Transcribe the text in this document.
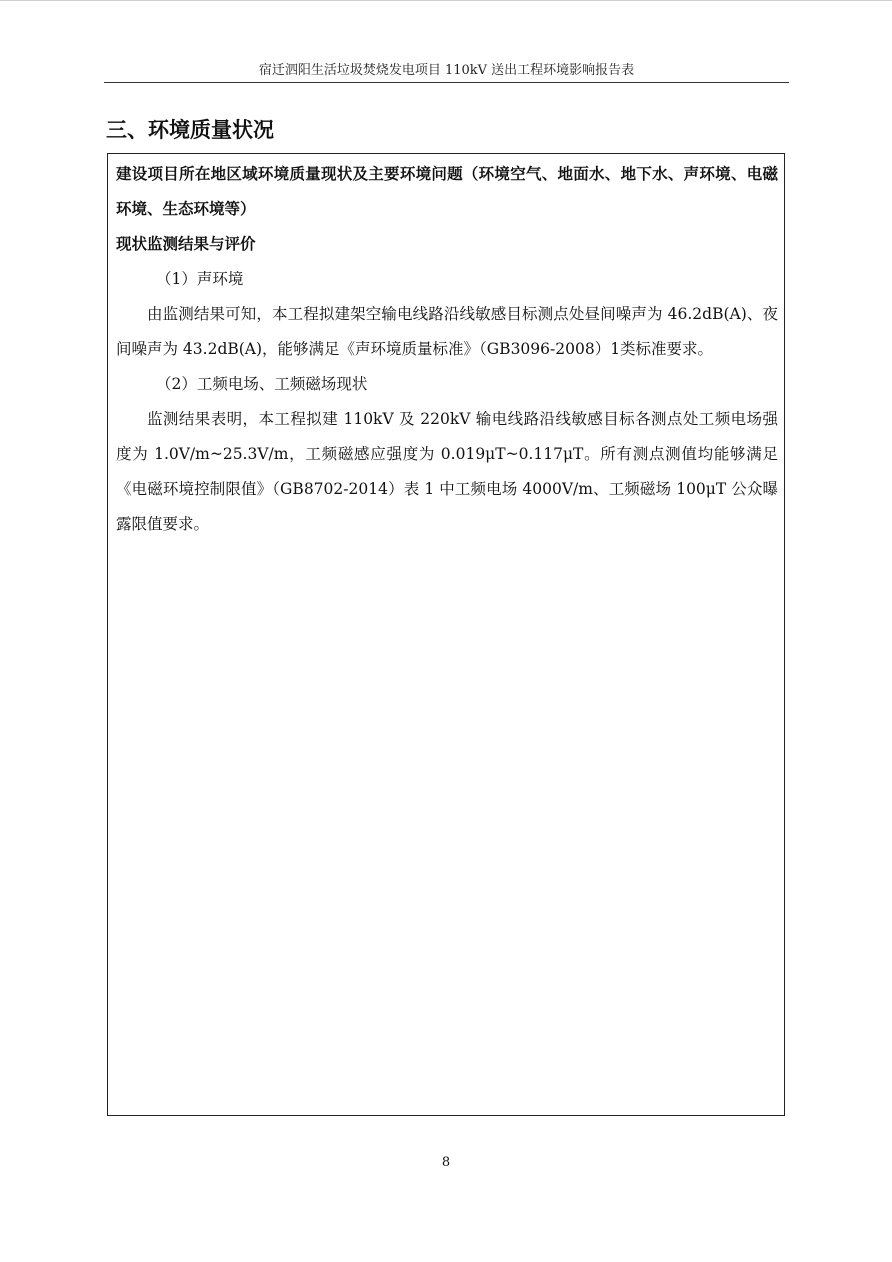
宿迁泗阳生活垃圾焚烧发电项目 110kV 送出工程环境影响报告表
三、环境质量状况

建设项目所在地区域环境质量现状及主要环境问题（环境空气、地面水、地下水、声环境、电磁环境、生态环境等）

现状监测结果与评价

（1）声环境

由监测结果可知，本工程拟建架空输电线路沿线敏感目标测点处昼间噪声为 46.2dB(A)、夜间噪声为 43.2dB(A)，能够满足《声环境质量标准》（GB3096-2008）1类标准要求。

（2）工频电场、工频磁场现状

监测结果表明，本工程拟建 110kV 及 220kV 输电线路沿线敏感目标各测点处工频电场强度为 1.0V/m~25.3V/m，工频磁感应强度为 0.019μT~0.117μT。所有测点测值均能够满足《电磁环境控制限值》（GB8702-2014）表 1 中工频电场 4000V/m、工频磁场 100μT 公众曝露限值要求。

8
